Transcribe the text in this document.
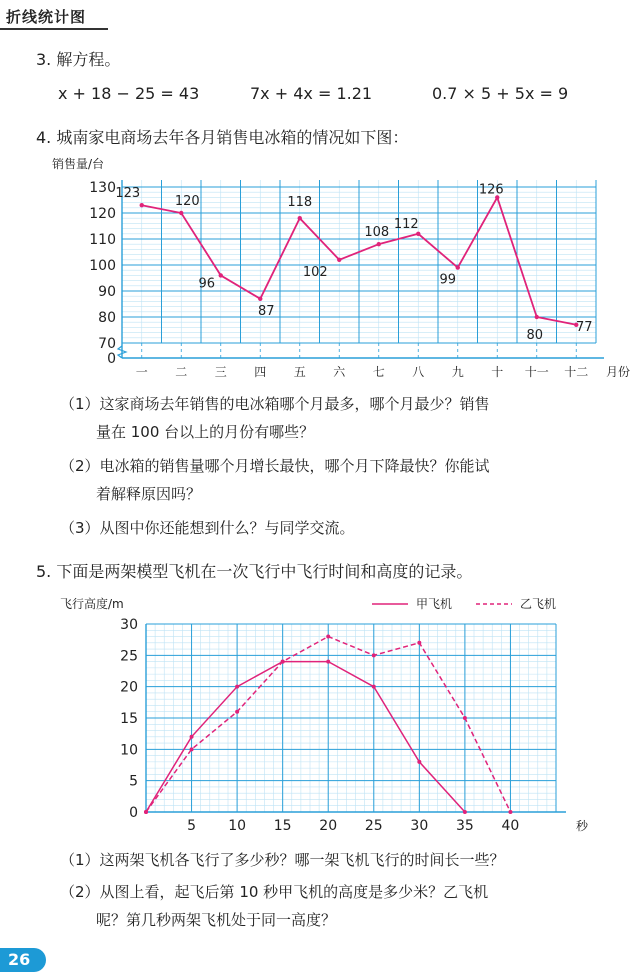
折线统计图
3. 解方程。
x + 18 − 25 = 43	7x + 4x = 1.21	0.7 × 5 + 5x = 9
4. 城南家电商场去年各月销售电冰箱的情况如下图：
0
70
80
90
100
110
120
130
销售量/台
一 二 三 四 五 六 七 八 九 十 十一 十二 月份
123
120
96
87
118
102
108
112
99
126
80
77
（1）这家商场去年销售的电冰箱哪个月最多，哪个月最少？销售
量在 100 台以上的月份有哪些？
（2）电冰箱的销售量哪个月增长最快，哪个月下降最快？你能试
着解释原因吗？
（3）从图中你还能想到什么？与同学交流。
5. 下面是两架模型飞机在一次飞行中飞行时间和高度的记录。
甲飞机	乙飞机
飞行高度/m
0
5
10
15
20
25
30
5 10 15 20 25 30 35 40	秒
（1）这两架飞机各飞行了多少秒？哪一架飞机飞行的时间长一些？
（2）从图上看，起飞后第 10 秒甲飞机的高度是多少米？乙飞机
呢？第几秒两架飞机处于同一高度？
26
